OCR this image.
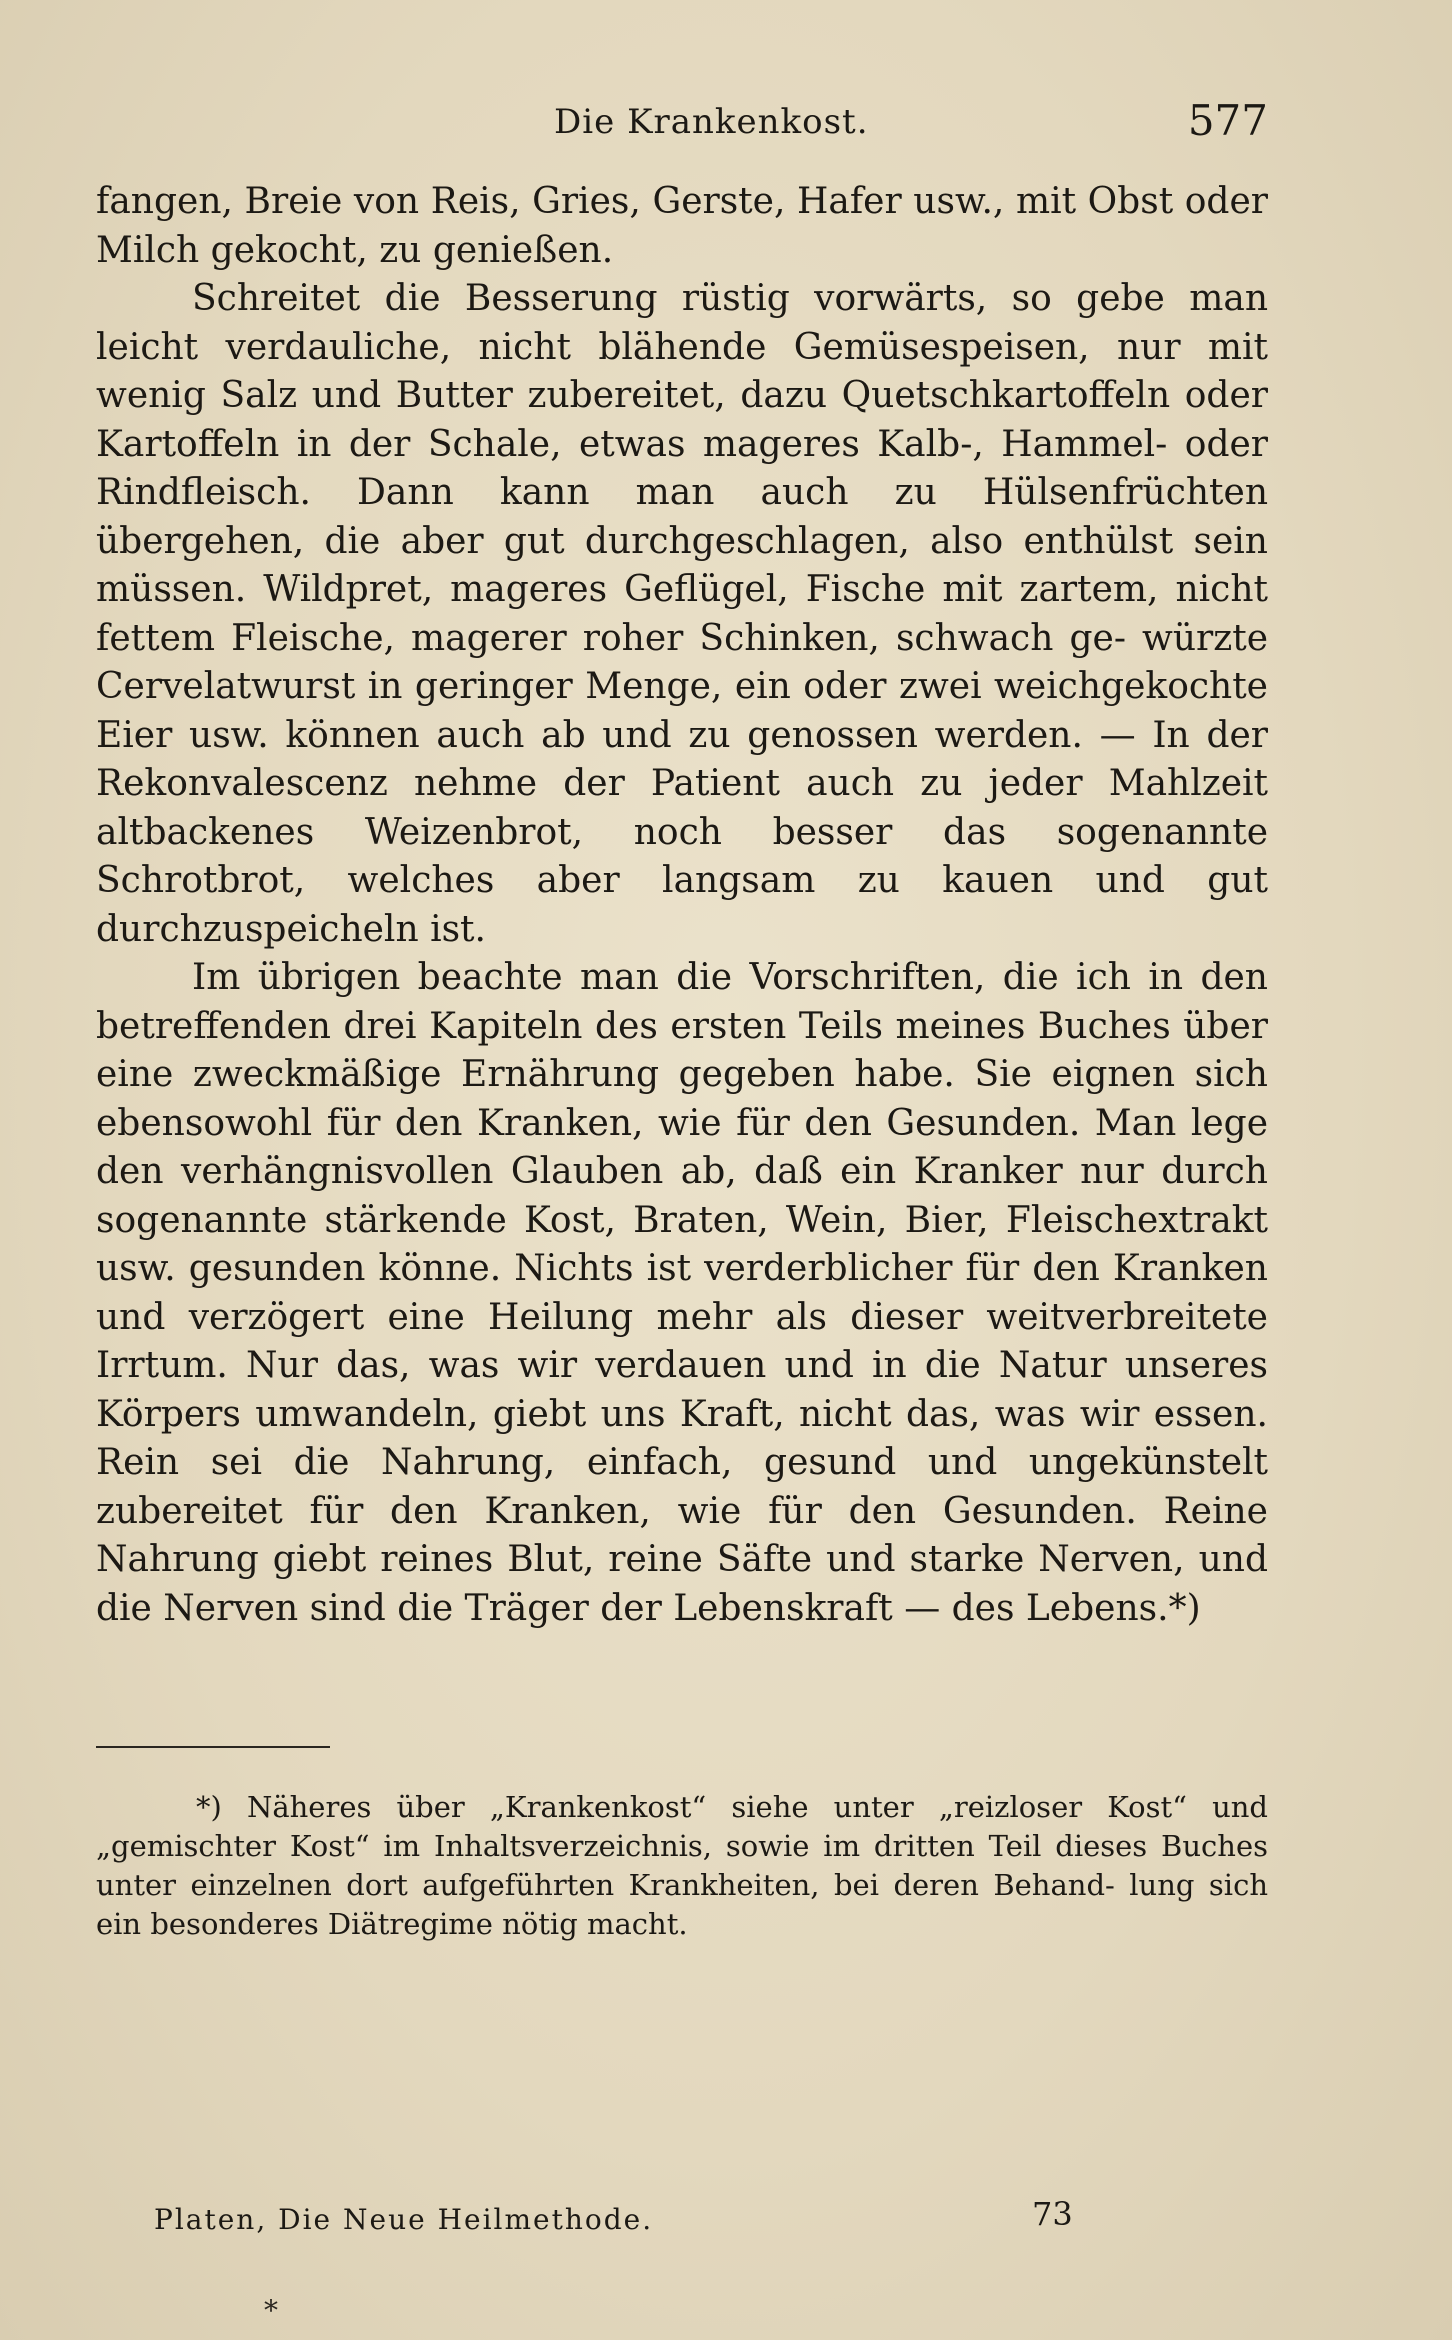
Die Krankenkost.	577

fangen, Breie von Reis, Gries, Gerste, Hafer usw., mit Obst oder Milch gekocht, zu genießen.

Schreitet die Besserung rüstig vorwärts, so gebe man leicht verdauliche, nicht blähende Gemüsespeisen, nur mit wenig Salz und Butter zubereitet, dazu Quetschkartoffeln oder Kartoffeln in der Schale, etwas mageres Kalb-, Hammel- oder Rindfleisch. Dann kann man auch zu Hülsenfrüchten übergehen, die aber gut durchgeschlagen, also enthülst sein müssen. Wildpret, mageres Geflügel, Fische mit zartem, nicht fettem Fleische, magerer roher Schinken, schwach ge- würzte Cervelatwurst in geringer Menge, ein oder zwei weichgekochte Eier usw. können auch ab und zu genossen werden. — In der Rekonvalescenz nehme der Patient auch zu jeder Mahlzeit altbackenes Weizenbrot, noch besser das sogenannte Schrotbrot, welches aber langsam zu kauen und gut durchzuspeicheln ist.

Im übrigen beachte man die Vorschriften, die ich in den betreffenden drei Kapiteln des ersten Teils meines Buches über eine zweckmäßige Ernährung gegeben habe. Sie eignen sich ebensowohl für den Kranken, wie für den Gesunden. Man lege den verhängnisvollen Glauben ab, daß ein Kranker nur durch sogenannte stärkende Kost, Braten, Wein, Bier, Fleischextrakt usw. gesunden könne. Nichts ist verderblicher für den Kranken und verzögert eine Heilung mehr als dieser weitverbreitete Irrtum. Nur das, was wir verdauen und in die Natur unseres Körpers umwandeln, giebt uns Kraft, nicht das, was wir essen. Rein sei die Nahrung, einfach, gesund und ungekünstelt zubereitet für den Kranken, wie für den Gesunden. Reine Nahrung giebt reines Blut, reine Säfte und starke Nerven, und die Nerven sind die Träger der Lebenskraft — des Lebens.*)

*) Näheres über „Krankenkost“ siehe unter „reizloser Kost“ und „gemischter Kost“ im Inhaltsverzeichnis, sowie im dritten Teil dieses Buches unter einzelnen dort aufgeführten Krankheiten, bei deren Behand- lung sich ein besonderes Diätregime nötig macht.

Platen, Die Neue Heilmethode.	73
*
